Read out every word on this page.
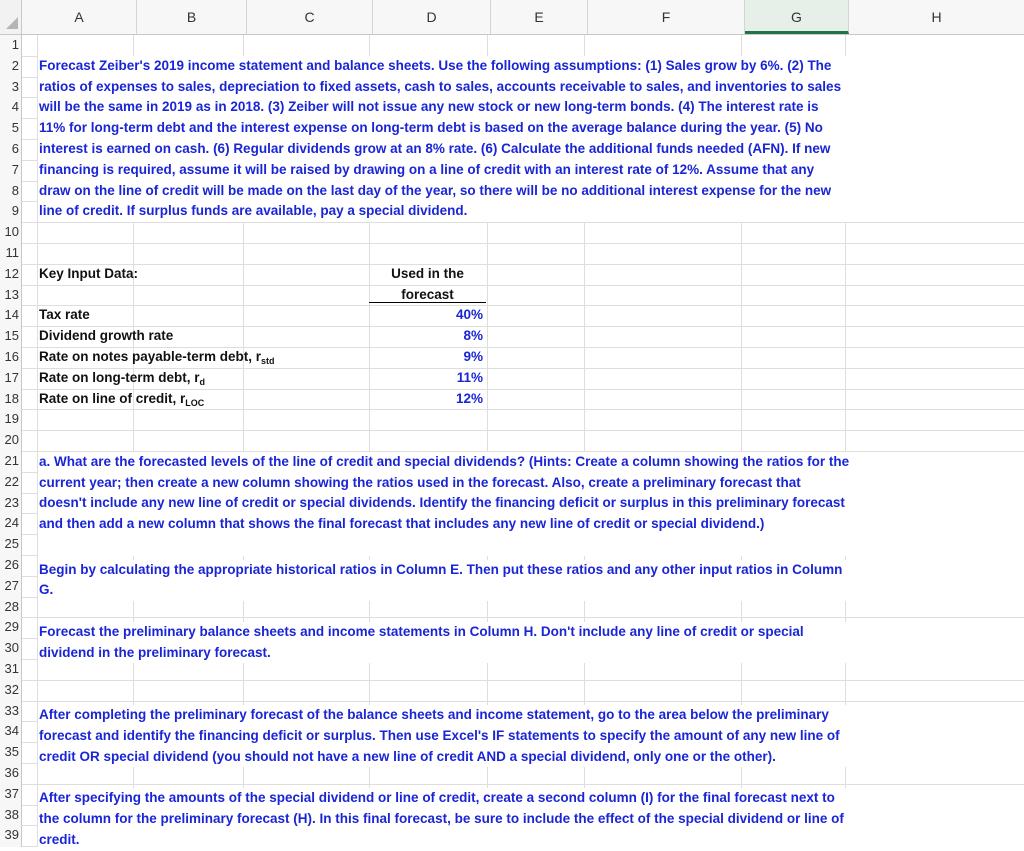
A	B	C	D	E	F	G	H
1
2
3
4
5
6
7
8
9
10
11
12
13
14
15
16
17
18
19
20
21
22
23
24
25
26
27
28
29
30
31
32
33
34
35
36
37
38
39
Forecast Zeiber's 2019 income statement and balance sheets. Use the following assumptions: (1) Sales grow by 6%. (2) The
ratios of expenses to sales, depreciation to fixed assets, cash to sales, accounts receivable to sales, and inventories to sales
will be the same in 2019 as in 2018. (3) Zeiber will not issue any new stock or new long-term bonds. (4) The interest rate is
11% for long-term debt and the interest expense on long-term debt is based on the average balance during the year. (5) No
interest is earned on cash. (6) Regular dividends grow at an 8% rate. (6) Calculate the additional funds needed (AFN). If new
financing is required, assume it will be raised by drawing on a line of credit with an interest rate of 12%. Assume that any
draw on the line of credit will be made on the last day of the year, so there will be no additional interest expense for the new
line of credit. If surplus funds are available, pay a special dividend.
Key Input Data:	Used in the
forecast
Tax rate	40%
Dividend growth rate	8%
Rate on notes payable-term debt, $r_{std}$	9%
Rate on long-term debt, $r_d$	11%
Rate on line of credit, $r_{LOC}$	12%
a. What are the forecasted levels of the line of credit and special dividends? (Hints: Create a column showing the ratios for the
current year; then create a new column showing the ratios used in the forecast. Also, create a preliminary forecast that
doesn't include any new line of credit or special dividends. Identify the financing deficit or surplus in this preliminary forecast
and then add a new column that shows the final forecast that includes any new line of credit or special dividend.)
Begin by calculating the appropriate historical ratios in Column E. Then put these ratios and any other input ratios in Column
G.
Forecast the preliminary balance sheets and income statements in Column H. Don't include any line of credit or special
dividend in the preliminary forecast.
After completing the preliminary forecast of the balance sheets and income statement, go to the area below the preliminary
forecast and identify the financing deficit or surplus. Then use Excel's IF statements to specify the amount of any new line of
credit OR special dividend (you should not have a new line of credit AND a special dividend, only one or the other).
After specifying the amounts of the special dividend or line of credit, create a second column (I) for the final forecast next to
the column for the preliminary forecast (H). In this final forecast, be sure to include the effect of the special dividend or line of
credit.
